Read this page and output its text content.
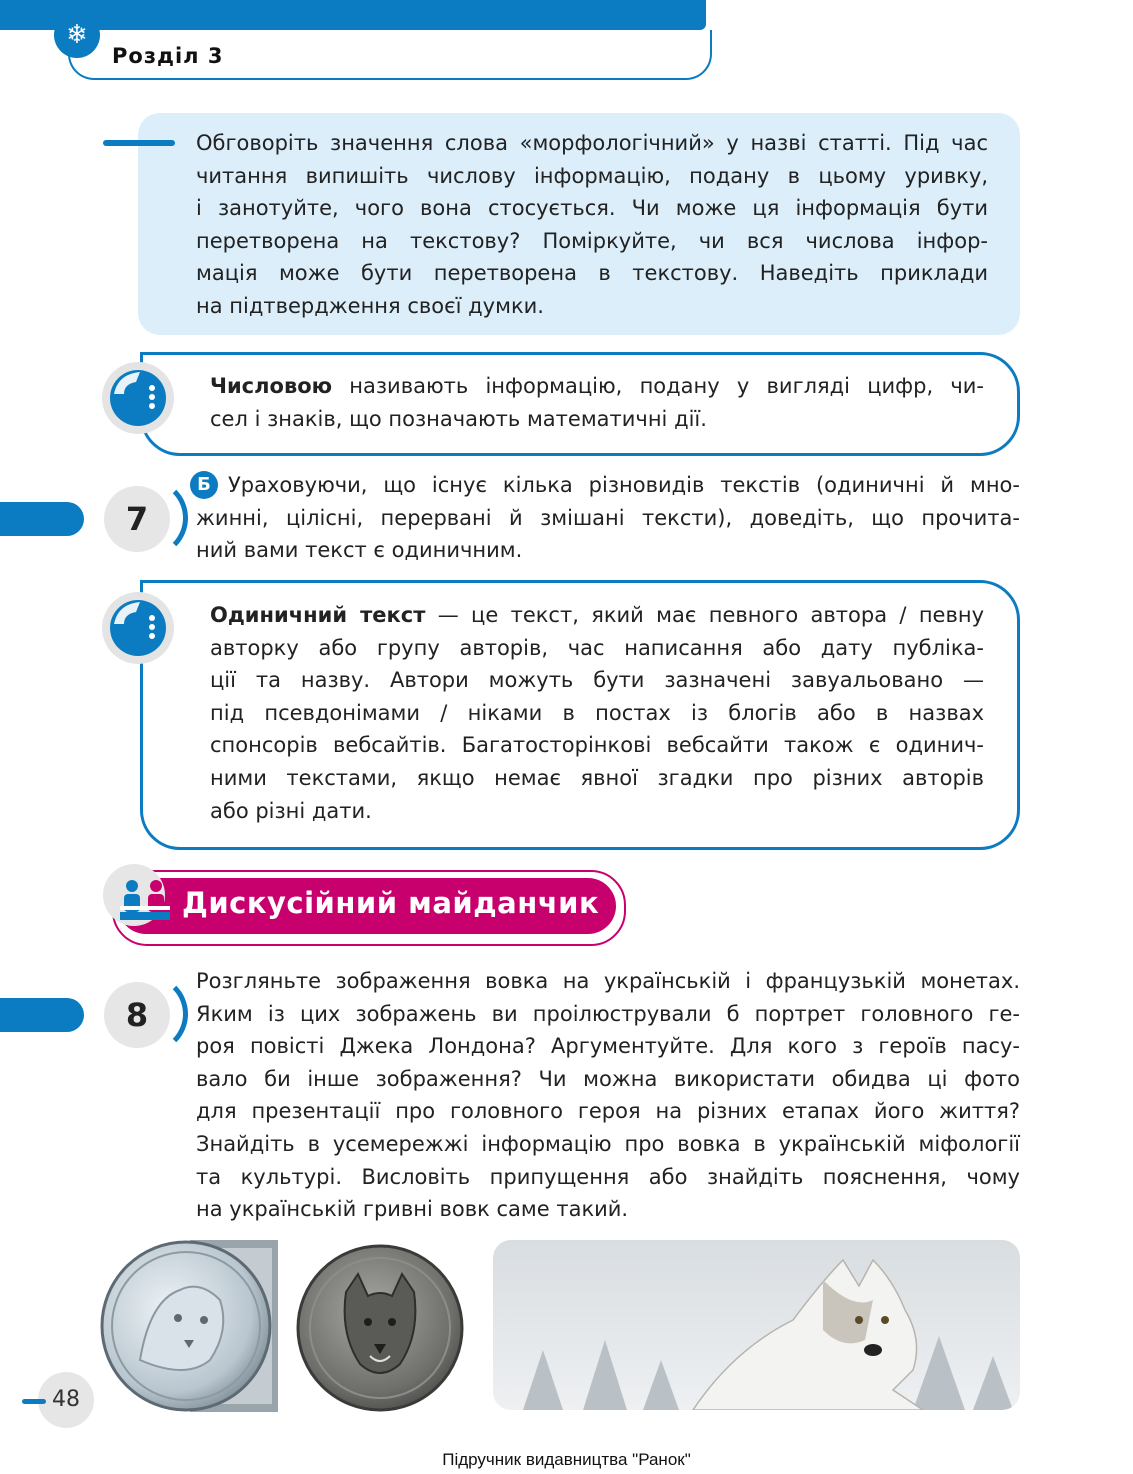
❄
Розділ 3
Обговоріть значення слова «морфологічний» у назві статті. Під час
читання випишіть числову інформацію, подану в цьому уривку,
і занотуйте, чого вона стосується. Чи може ця інформація бути
перетворена на текстову? Поміркуйте, чи вся числова інфор-
мація може бути перетворена в текстову. Наведіть приклади
на підтвердження своєї думки.
Числовою називають інформацію, подану у вигляді цифр, чи-
сел і знаків, що позначають математичні дії.
7
Б Ураховуючи, що існує кілька різновидів текстів (одиничні й мно-
жинні, цілісні, перервані й змішані тексти), доведіть, що прочита-
ний вами текст є одиничним.
Одиничний текст — це текст, який має певного автора / певну
авторку або групу авторів, час написання або дату публіка-
ції та назву. Автори можуть бути зазначені завуальовано —
під псевдонімами / ніками в постах із блогів або в назвах
спонсорів вебсайтів. Багатосторінкові вебсайти також є одинич-
ними текстами, якщо немає явної згадки про різних авторів
або різні дати.
Дискусійний майданчик
8
Розгляньте зображення вовка на українській і французькій монетах.
Яким із цих зображень ви проілюстрували б портрет головного ге-
роя повісті Джека Лондона? Аргументуйте. Для кого з героїв пасу-
вало би інше зображення? Чи можна використати обидва ці фото
для презентації про головного героя на різних етапах його життя?
Знайдіть в усемережжі інформацію про вовка в українській міфології
та культурі. Висловіть припущення або знайдіть пояснення, чому
на українській гривні вовк саме такий.
48
Підручник видавництва "Ранок"
